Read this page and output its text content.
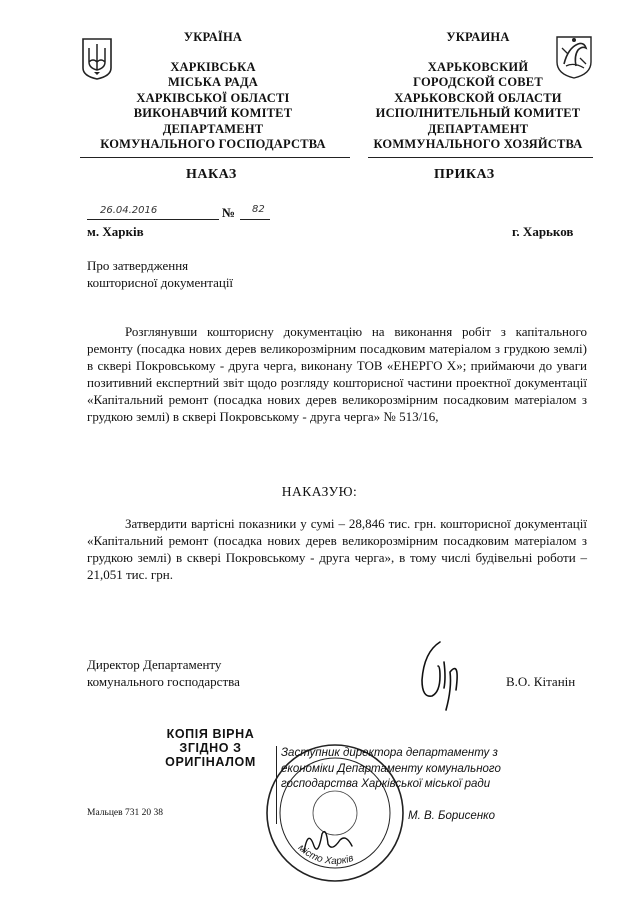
УКРАЇНА
ХАРКІВСЬКА
МІСЬКА РАДА
ХАРКІВСЬКОЇ ОБЛАСТІ
ВИКОНАВЧИЙ КОМІТЕТ
ДЕПАРТАМЕНТ
КОМУНАЛЬНОГО ГОСПОДАРСТВА
УКРАИНА
ХАРЬКОВСКИЙ
ГОРОДСКОЙ СОВЕТ
ХАРЬКОВСКОЙ ОБЛАСТИ
ИСПОЛНИТЕЛЬНЫЙ КОМИТЕТ
ДЕПАРТАМЕНТ
КОММУНАЛЬНОГО ХОЗЯЙСТВА
НАКАЗ	ПРИКАЗ
26.04.2016	№ 82
м. Харків	г. Харьков
Про затвердження
кошторисної документації
Розглянувши кошторисну документацію на виконання робіт з капітального ремонту (посадка нових дерев великорозмірним посадковим матеріалом з грудкою землі) в сквері Покровському - друга черга, виконану ТОВ «ЕНЕРГО Х»; приймаючи до уваги позитивний експертний звіт щодо розгляду кошторисної частини проектної документації «Капітальний ремонт (посадка нових дерев великорозмірним посадковим матеріалом з грудкою землі) в сквері Покровському - друга черга» № 513/16,
НАКАЗУЮ:
Затвердити вартісні показники у сумі – 28,846 тис. грн. кошторисної документації «Капітальний ремонт (посадка нових дерев великорозмірним посадковим матеріалом з грудкою землі) в сквері Покровському - друга черга», в тому числі будівельні роботи – 21,051 тис. грн.
Директор Департаменту
комунального господарства	В.О. Кітанін
КОПІЯ ВІРНА
ЗГІДНО З
ОРИГІНАЛОМ
місто Харків
Заступник директора департаменту з
економіки Департаменту комунального
господарства Харківської міської ради
М. В. Борисенко
Мальцев 731 20 38
